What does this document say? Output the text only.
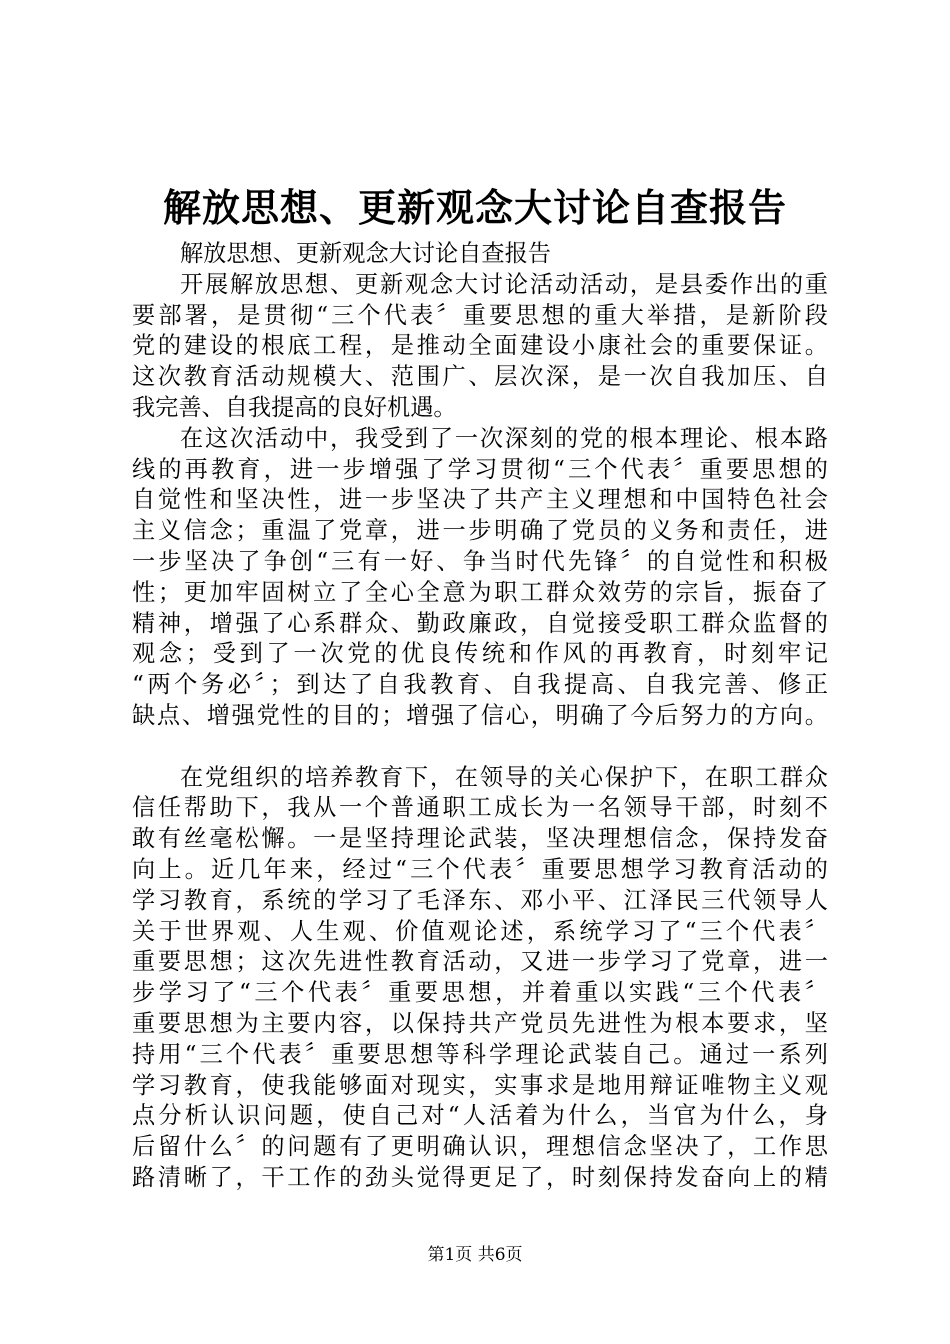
解放思想、更新观念大讨论自查报告
解放思想、更新观念大讨论自查报告
开展解放思想、更新观念大讨论活动活动，是县委作出的重
要部署，是贯彻“三个代表〞重要思想的重大举措，是新阶段
党的建设的根底工程，是推动全面建设小康社会的重要保证。
这次教育活动规模大、范围广、层次深，是一次自我加压、自
我完善、自我提高的良好机遇。
在这次活动中，我受到了一次深刻的党的根本理论、根本路
线的再教育，进一步增强了学习贯彻“三个代表〞重要思想的
自觉性和坚决性，进一步坚决了共产主义理想和中国特色社会
主义信念；重温了党章，进一步明确了党员的义务和责任，进
一步坚决了争创“三有一好、争当时代先锋〞的自觉性和积极
性；更加牢固树立了全心全意为职工群众效劳的宗旨，振奋了
精神，增强了心系群众、勤政廉政，自觉接受职工群众监督的
观念；受到了一次党的优良传统和作风的再教育，时刻牢记
“两个务必〞；到达了自我教育、自我提高、自我完善、修正
缺点、增强党性的目的；增强了信心，明确了今后努力的方向。
在党组织的培养教育下，在领导的关心保护下，在职工群众
信任帮助下，我从一个普通职工成长为一名领导干部，时刻不
敢有丝毫松懈。一是坚持理论武装，坚决理想信念，保持发奋
向上。近几年来，经过“三个代表〞重要思想学习教育活动的
学习教育，系统的学习了毛泽东、邓小平、江泽民三代领导人
关于世界观、人生观、价值观论述，系统学习了“三个代表〞
重要思想；这次先进性教育活动，又进一步学习了党章，进一
步学习了“三个代表〞重要思想，并着重以实践“三个代表〞
重要思想为主要内容，以保持共产党员先进性为根本要求，坚
持用“三个代表〞重要思想等科学理论武装自己。通过一系列
学习教育，使我能够面对现实，实事求是地用辩证唯物主义观
点分析认识问题，使自己对“人活着为什么，当官为什么，身
后留什么〞的问题有了更明确认识，理想信念坚决了，工作思
路清晰了，干工作的劲头觉得更足了，时刻保持发奋向上的精
第1页 共6页
